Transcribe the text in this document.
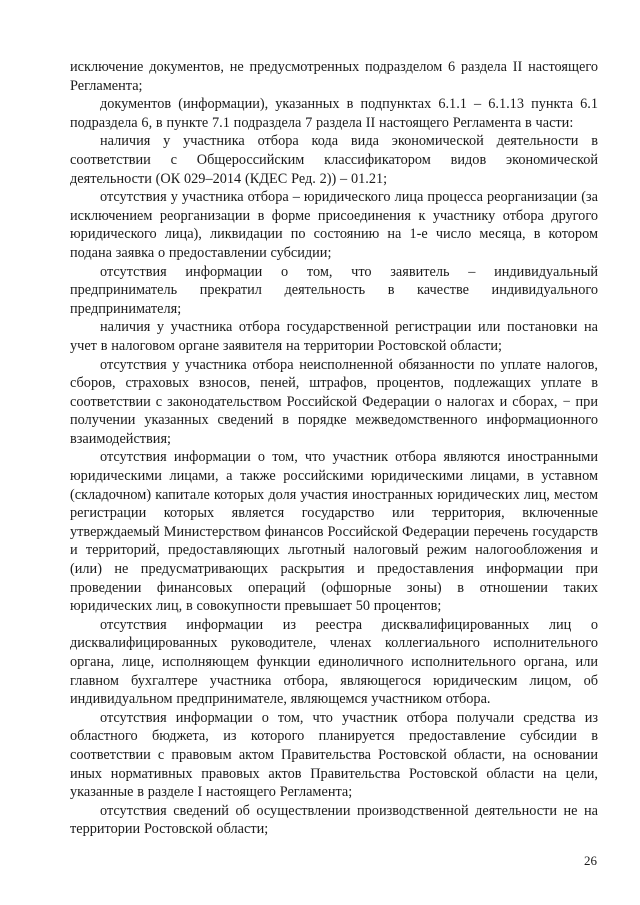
исключение документов, не предусмотренных подразделом 6 раздела II настоящего Регламента;

документов (информации), указанных в подпунктах 6.1.1 – 6.1.13 пункта 6.1 подраздела 6, в пункте 7.1 подраздела 7 раздела II настоящего Регламента в части:

наличия у участника отбора кода вида экономической деятельности в соответствии с Общероссийским классификатором видов экономической деятельности (ОК 029–2014 (КДЕС Ред. 2)) – 01.21;

отсутствия у участника отбора – юридического лица процесса реорганизации (за исключением реорганизации в форме присоединения к участнику отбора другого юридического лица), ликвидации по состоянию на 1-е число месяца, в котором подана заявка о предоставлении субсидии;

отсутствия информации о том, что заявитель – индивидуальный предприниматель прекратил деятельность в качестве индивидуального предпринимателя;

наличия у участника отбора государственной регистрации или постановки на учет в налоговом органе заявителя на территории Ростовской области;

отсутствия у участника отбора неисполненной обязанности по уплате налогов, сборов, страховых взносов, пеней, штрафов, процентов, подлежащих уплате в соответствии с законодательством Российской Федерации о налогах и сборах, − при получении указанных сведений в порядке межведомственного информационного взаимодействия;

отсутствия информации о том, что участник отбора являются иностранными юридическими лицами, а также российскими юридическими лицами, в уставном (складочном) капитале которых доля участия иностранных юридических лиц, местом регистрации которых является государство или территория, включенные утверждаемый Министерством финансов Российской Федерации перечень государств и территорий, предоставляющих льготный налоговый режим налогообложения и (или) не предусматривающих раскрытия и предоставления информации при проведении финансовых операций (офшорные зоны) в отношении таких юридических лиц, в совокупности превышает 50 процентов;

отсутствия информации из реестра дисквалифицированных лиц о дисквалифицированных руководителе, членах коллегиального исполнительного органа, лице, исполняющем функции единоличного исполнительного органа, или главном бухгалтере участника отбора, являющегося юридическим лицом, об индивидуальном предпринимателе, являющемся участником отбора.

отсутствия информации о том, что участник отбора получали средства из областного бюджета, из которого планируется предоставление субсидии в соответствии с правовым актом Правительства Ростовской области, на основании иных нормативных правовых актов Правительства Ростовской области на цели, указанные в разделе I настоящего Регламента;

отсутствия сведений об осуществлении производственной деятельности не на территории Ростовской области;

26
